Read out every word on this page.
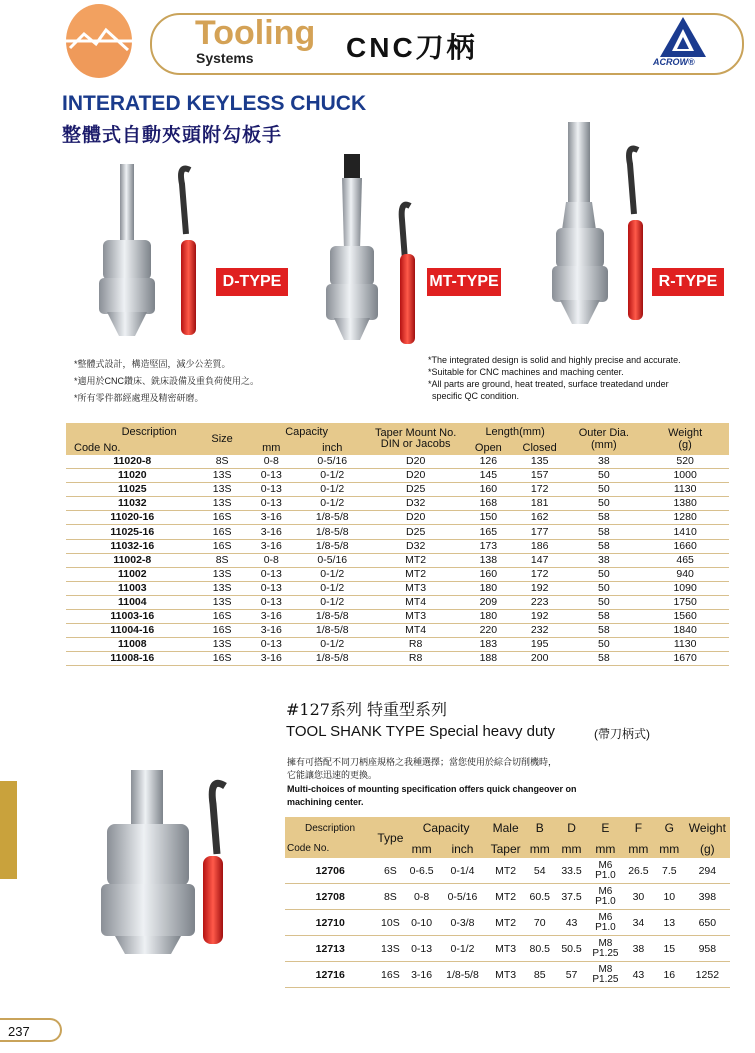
Tooling
Systems	CNC刀柄	ACROW®
INTERATED KEYLESS CHUCK
整體式自動夾頭附勾板手
D-TYPE	MT-TYPE	R-TYPE
*整體式設計，構造堅固，減少公差質。
*適用於CNC鑽床、銑床設備及重負荷使用之。
*所有零件都經處理及精密研磨。
*The integrated design is solid and highly precise and accurate.
*Suitable for CNC machines and maching center.
*All parts are ground, heat treated, surface treatedand under
specific QC condition.
Description	Size	Capacity		Taper Mount No.
DIN or Jacobs	Length(mm)		Outer Dia.
(mm)	Weight
(g)
Code No.		mm	inch		Open	Closed		
11020-8	8S	0-8	0-5/16	D20	126	135	38	520
11020	13S	0-13	0-1/2	D20	145	157	50	1000
11025	13S	0-13	0-1/2	D25	160	172	50	1130
11032	13S	0-13	0-1/2	D32	168	181	50	1380
11020-16	16S	3-16	1/8-5/8	D20	150	162	58	1280
11025-16	16S	3-16	1/8-5/8	D25	165	177	58	1410
11032-16	16S	3-16	1/8-5/8	D32	173	186	58	1660
11002-8	8S	0-8	0-5/16	MT2	138	147	38	465
11002	13S	0-13	0-1/2	MT2	160	172	50	940
11003	13S	0-13	0-1/2	MT3	180	192	50	1090
11004	13S	0-13	0-1/2	MT4	209	223	50	1750
11003-16	16S	3-16	1/8-5/8	MT3	180	192	58	1560
11004-16	16S	3-16	1/8-5/8	MT4	220	232	58	1840
11008	13S	0-13	0-1/2	R8	183	195	50	1130
11008-16	16S	3-16	1/8-5/8	R8	188	200	58	1670
#127系列 特重型系列
TOOL SHANK TYPE Special heavy duty	(帶刀柄式)
擁有可搭配不同刀柄座規格之我種選擇；當您使用於綜合切削機時，
它能讓您迅速的更換。
Multi-choices of mounting specification offers quick changeover on
machining center.
Description	Type	Capacity		Male	B	D	E	F	G	Weight
Code No.		mm	inch	Taper	mm	mm	mm	mm	mm	(g)
12706	6S	0-6.5	0-1/4	MT2	54	33.5	M6
P1.0	26.5	7.5	294
12708	8S	0-8	0-5/16	MT2	60.5	37.5	M6
P1.0	30	10	398
12710	10S	0-10	0-3/8	MT2	70	43	M6
P1.0	34	13	650
12713	13S	0-13	0-1/2	MT3	80.5	50.5	M8
P1.25	38	15	958
12716	16S	3-16	1/8-5/8	MT3	85	57	M8
P1.25	43	16	1252
237
